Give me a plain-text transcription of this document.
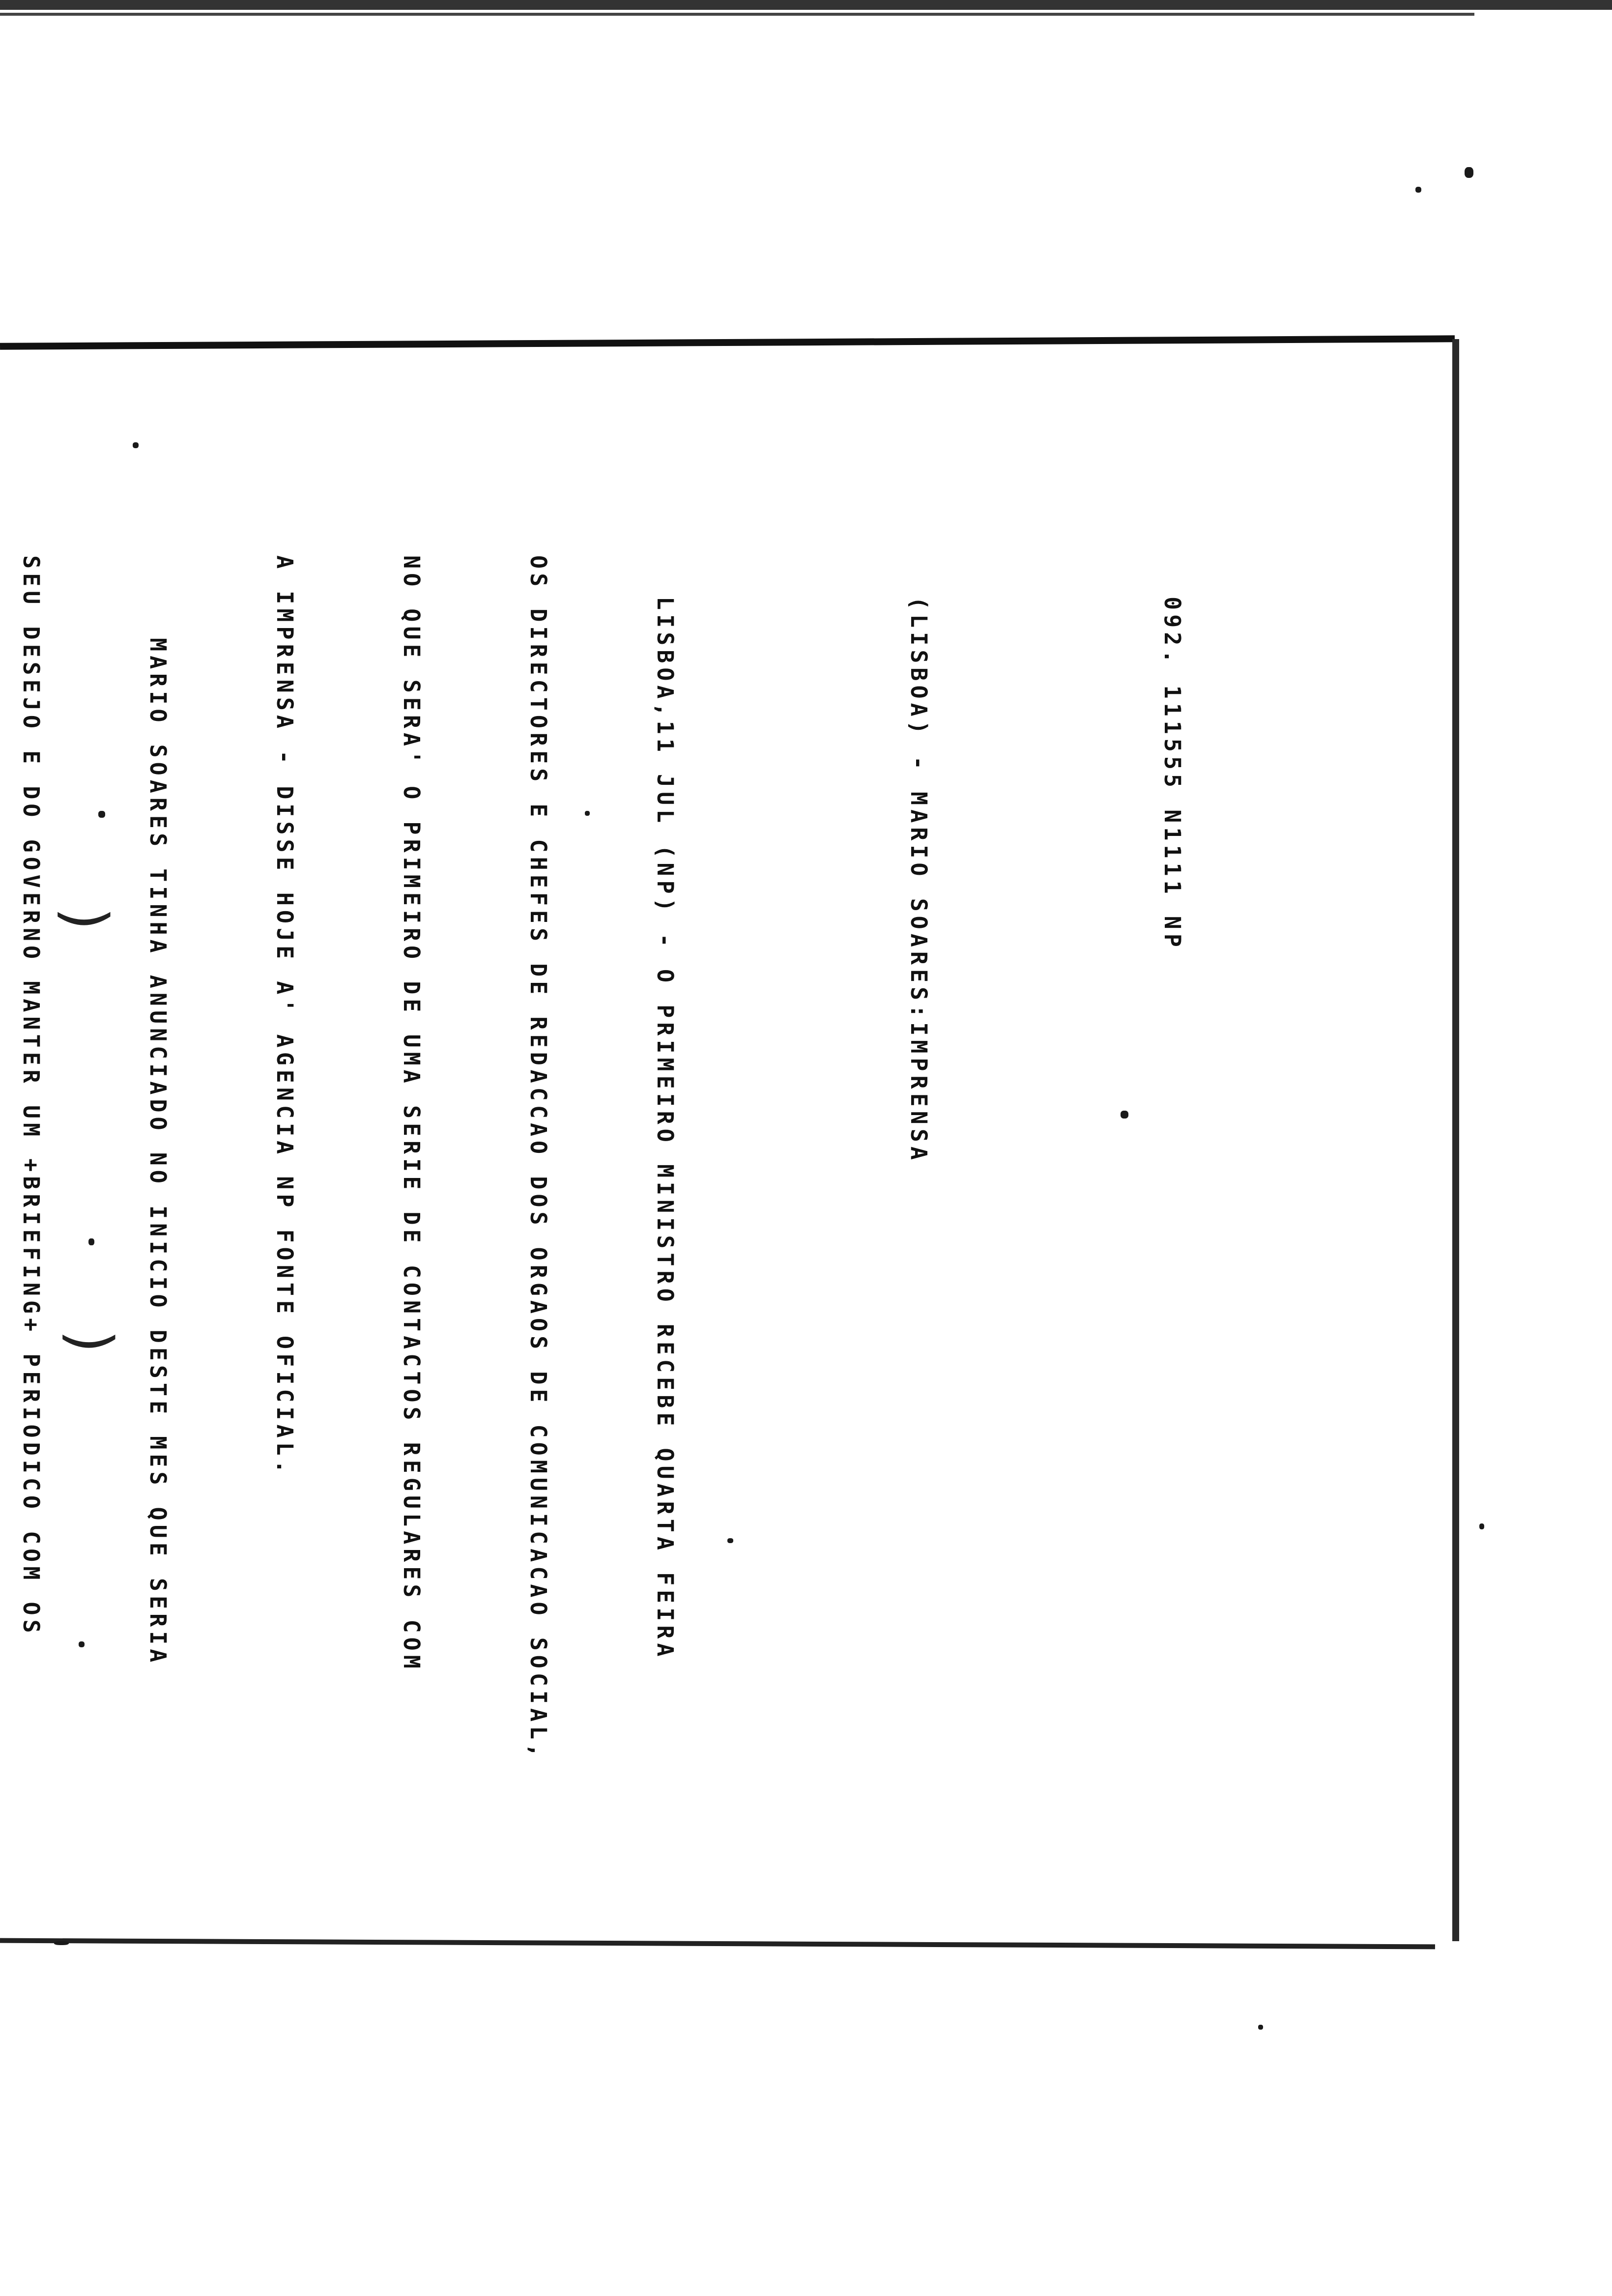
)
)

092. 111555 N1111 NP

(LISBOA) - MARIO SOARES:IMPRENSA

LISBOA,11 JUL (NP) - O PRIMEIRO MINISTRO RECEBE QUARTA FEIRA

OS DIRECTORES E CHEFES DE REDACCAO DOS ORGAOS DE COMUNICACAO SOCIAL,

NO QUE SERA' O PRIMEIRO DE UMA SERIE DE CONTACTOS REGULARES COM

A IMPRENSA - DISSE HOJE A' AGENCIA NP FONTE OFICIAL.

MARIO SOARES TINHA ANUNCIADO NO INICIO DESTE MES QUE SERIA

SEU DESEJO E DO GOVERNO MANTER UM +BRIEFING+ PERIODICO COM OS
